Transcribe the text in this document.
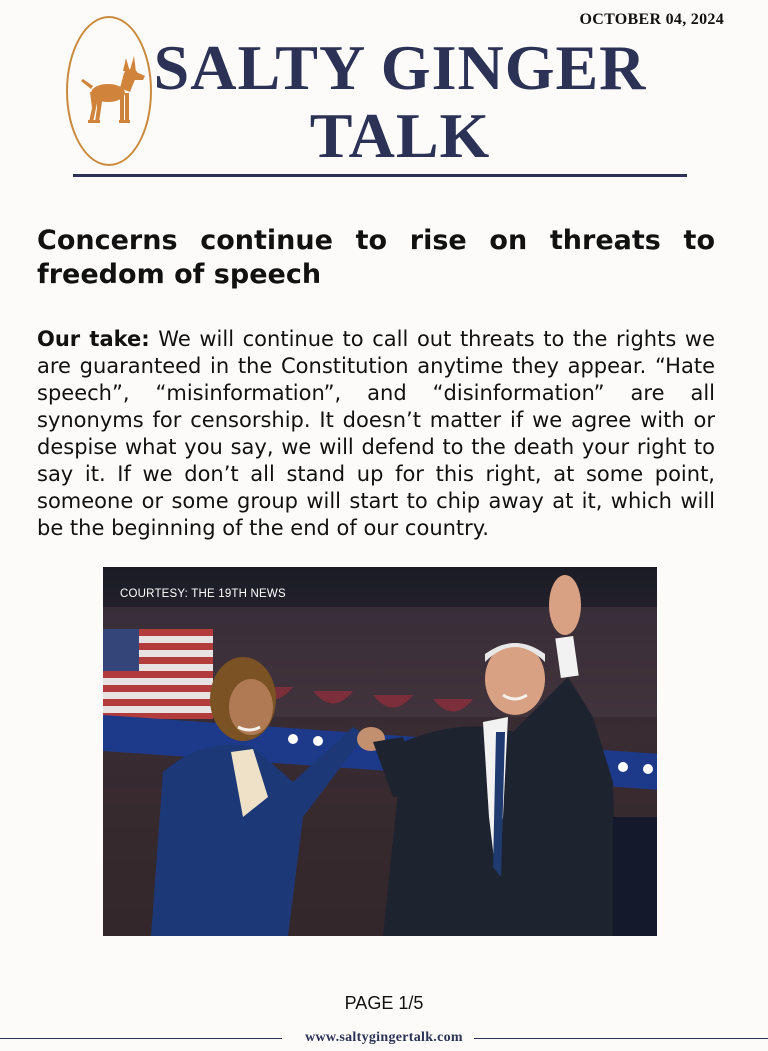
OCTOBER 04, 2024
SALTY GINGER
TALK
Concerns continue to rise on threats to freedom of speech

Our take: We will continue to call out threats to the rights we are guaranteed in the Constitution anytime they appear. “Hate speech”, “misinformation”, and “disinformation” are all synonyms for censorship. It doesn’t matter if we agree with or despise what you say, we will defend to the death your right to say it. If we don’t all stand up for this right, at some point, someone or some group will start to chip away at it, which will be the beginning of the end of our country.

COURTESY: THE 19TH NEWS
PAGE 1/5
www.saltygingertalk.com
